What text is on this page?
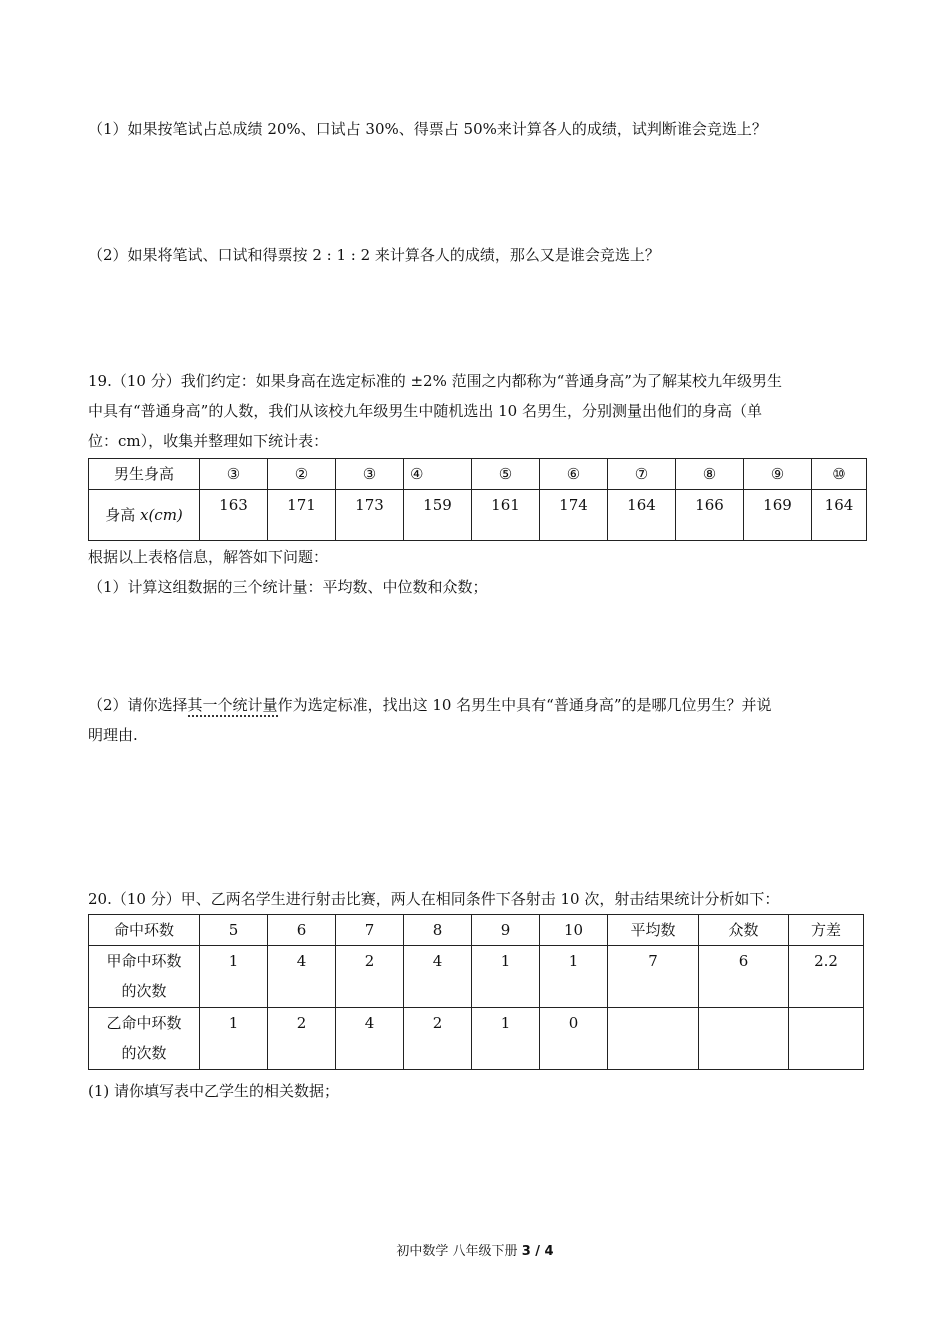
（1）如果按笔试占总成绩 20%、口试占 30%、得票占 50%来计算各人的成绩，试判断谁会竞选上？
（2）如果将笔试、口试和得票按 2 : 1 : 2 来计算各人的成绩，那么又是谁会竞选上？
19.（10 分）我们约定：如果身高在选定标准的 ±2% 范围之内都称为“普通身高”为了解某校九年级男生
中具有“普通身高”的人数，我们从该校九年级男生中随机选出 10 名男生，分别测量出他们的身高（单
位：cm），收集并整理如下统计表：
男生身高	③	②	③	④	⑤	⑥	⑦	⑧	⑨	⑩
身高 x(cm)	163	171	173	159	161	174	164	166	169	164
根据以上表格信息，解答如下问题：
（1）计算这组数据的三个统计量：平均数、中位数和众数；
（2）请你选择其一个统计量作为选定标准，找出这 10 名男生中具有“普通身高”的是哪几位男生？并说
明理由.
20.（10 分）甲、乙两名学生进行射击比赛，两人在相同条件下各射击 10 次，射击结果统计分析如下：
命中环数	5	6	7	8	9	10	平均数	众数	方差

甲命中环数
的次数	1	4	2	4	1	1	7	6	2.2

乙命中环数
的次数	1	2	4	2	1	0			
(1) 请你填写表中乙学生的相关数据；
初中数学 八年级下册 3 / 4
